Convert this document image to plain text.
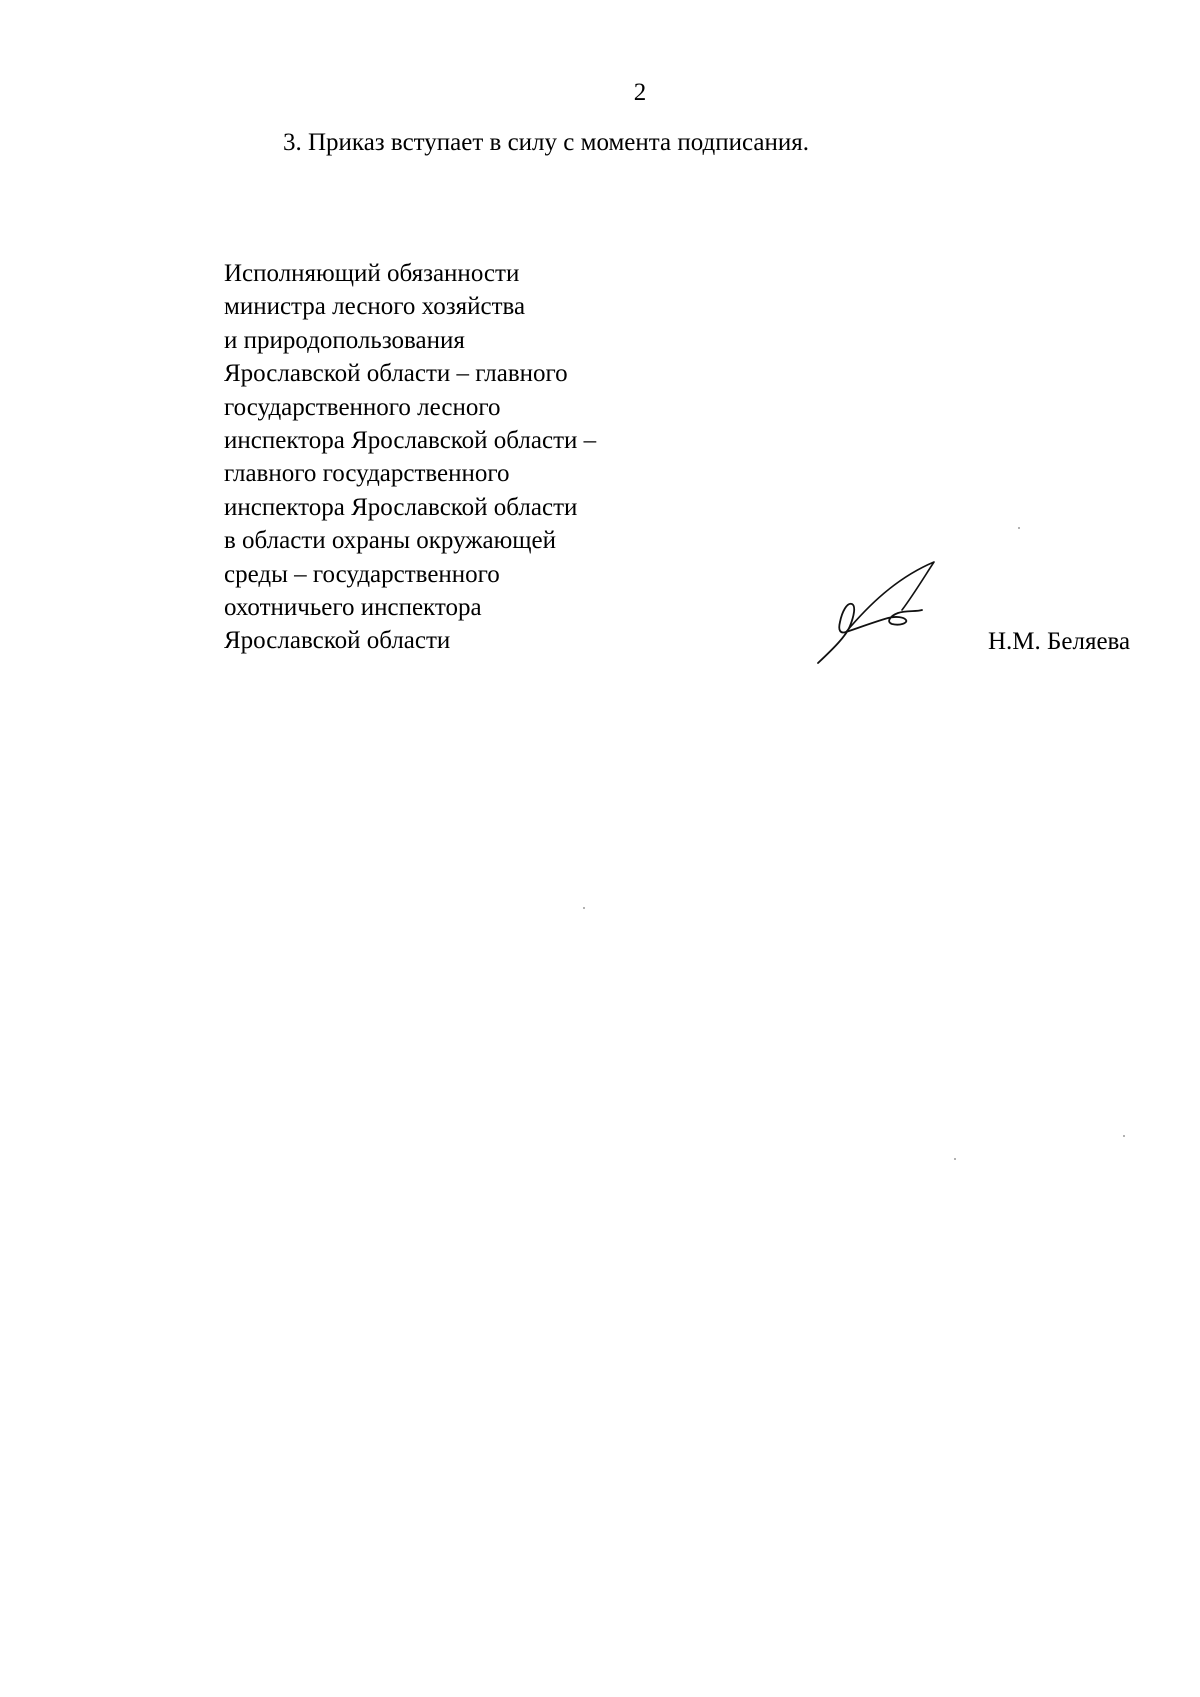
2
3. Приказ вступает в силу с момента подписания.
Исполняющий обязанности
министра лесного хозяйства
и природопользования
Ярославской области – главного
государственного лесного
инспектора Ярославской области –
главного государственного
инспектора Ярославской области
в области охраны окружающей
среды – государственного
охотничьего инспектора
Ярославской области	Н.М. Беляева
